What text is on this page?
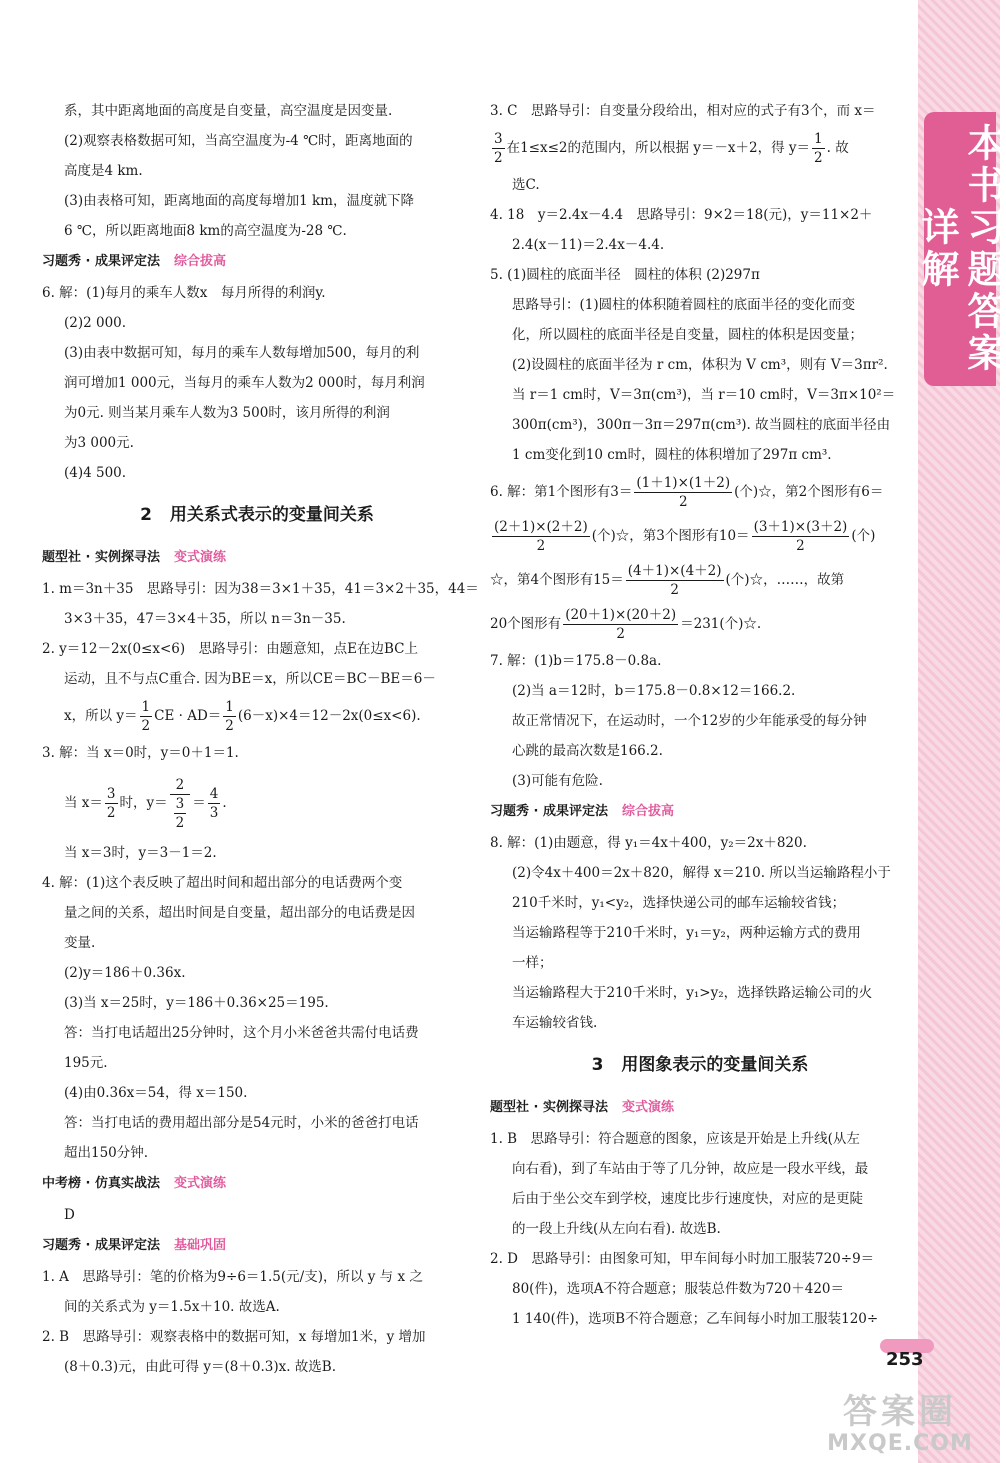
本书习题答案详解
系，其中距离地面的高度是自变量，高空温度是因变量.
(2)观察表格数据可知，当高空温度为-4 ℃时，距离地面的
高度是4 km.
(3)由表格可知，距离地面的高度每增加1 km，温度就下降
6 ℃，所以距离地面8 km的高空温度为-28 ℃.
习题秀 · 成果评定法 综合拔高
6. 解：(1)每月的乘车人数x　每月所得的利润y.
(2)2 000.
(3)由表中数据可知，每月的乘车人数每增加500，每月的利
润可增加1 000元，当每月的乘车人数为2 000时，每月利润
为0元. 则当某月乘车人数为3 500时，该月所得的利润
为3 000元.
(4)4 500.
2 用关系式表示的变量间关系
题型社 · 实例探寻法 变式演练
1. m＝3n＋35　思路导引：因为38＝3×1＋35，41＝3×2＋35，44＝
3×3＋35，47＝3×4＋35，所以 n＝3n－35.
2. y＝12－2x(0≤x<6)　思路导引：由题意知，点E在边BC上
运动，且不与点C重合. 因为BE＝x，所以CE＝BC－BE＝6－
x，所以 $y= \frac{1}{2}$ CE · $AD= \frac{1}{2} (6-x)\times 4=12-2x(0\le x<6)$.
3. 解：当 x＝0时，y＝0＋1＝1.
当 $x= \frac{3}{2}$ 时，$y= \frac{2}{\frac{3}{2}} = \frac{4}{3}$ .
当 x＝3时，y＝3－1＝2.
4. 解：(1)这个表反映了超出时间和超出部分的电话费两个变
量之间的关系，超出时间是自变量，超出部分的电话费是因
变量.
(2)y＝186＋0.36x.
(3)当 x＝25时，y＝186＋0.36×25＝195.
答：当打电话超出25分钟时，这个月小米爸爸共需付电话费
195元.
(4)由0.36x＝54，得 x＝150.
答：当打电话的费用超出部分是54元时，小米的爸爸打电话
超出150分钟.
中考榜 · 仿真实战法 变式演练
D
习题秀 · 成果评定法 基础巩固
1. A　思路导引：笔的价格为9÷6＝1.5(元/支)，所以 y 与 x 之
间的关系式为 y＝1.5x＋10. 故选A.
2. B　思路导引：观察表格中的数据可知，x 每增加1米，y 增加
(8＋0.3)元，由此可得 y＝(8＋0.3)x. 故选B.
3. C　思路导引：自变量分段给出，相对应的式子有3个，而 x＝
$\frac{3}{2}$ 在1≤x≤2的范围内，所以根据 y＝－x＋2，得 $y= \frac{1}{2}$ . 故
选C.
4. 18　y＝2.4x－4.4　思路导引：9×2＝18(元)，y＝11×2＋
2.4(x－11)＝2.4x－4.4.
5. (1)圆柱的底面半径　圆柱的体积 (2)297π
思路导引：(1)圆柱的体积随着圆柱的底面半径的变化而变
化，所以圆柱的底面半径是自变量，圆柱的体积是因变量；
(2)设圆柱的底面半径为 r cm，体积为 V cm³，则有 V＝3πr².
当 r＝1 cm时，V＝3π(cm³)，当 r＝10 cm时，V＝3π×10²＝
300π(cm³)，300π－3π＝297π(cm³). 故当圆柱的底面半径由
1 cm变化到10 cm时，圆柱的体积增加了297π cm³.
6. 解：第1个图形有$3= \frac{(1+1)\times(1+2)}{2}$ (个)☆，第2个图形有6＝
$\frac{(2+1)\times(2+2)}{2}$ (个)☆，第3个图形有$10= \frac{(3+1)\times(3+2)}{2}$ (个)
☆，第4个图形有$15= \frac{(4+1)\times(4+2)}{2}$ (个)☆，……，故第
20个图形有 $\frac{(20+1)\times(20+2)}{2} =231$(个)☆.
7. 解：(1)b＝175.8－0.8a.
(2)当 a＝12时，b＝175.8－0.8×12＝166.2.
故正常情况下，在运动时，一个12岁的少年能承受的每分钟
心跳的最高次数是166.2.
(3)可能有危险.
习题秀 · 成果评定法 综合拔高
8. 解：(1)由题意，得 y₁＝4x＋400，y₂＝2x＋820.
(2)令4x＋400＝2x＋820，解得 x＝210. 所以当运输路程小于
210千米时，y₁<y₂，选择快递公司的邮车运输较省钱；
当运输路程等于210千米时，y₁＝y₂，两种运输方式的费用
一样；
当运输路程大于210千米时，y₁>y₂，选择铁路运输公司的火
车运输较省钱.
3 用图象表示的变量间关系
题型社 · 实例探寻法 变式演练
1. B　思路导引：符合题意的图象，应该是开始是上升线(从左
向右看)，到了车站由于等了几分钟，故应是一段水平线，最
后由于坐公交车到学校，速度比步行速度快，对应的是更陡
的一段上升线(从左向右看). 故选B.
2. D　思路导引：由图象可知，甲车间每小时加工服装720÷9＝
80(件)，选项A不符合题意；服装总件数为720＋420＝
1 140(件)，选项B不符合题意；乙车间每小时加工服装120÷
253
答案圈
MXQE.COM
